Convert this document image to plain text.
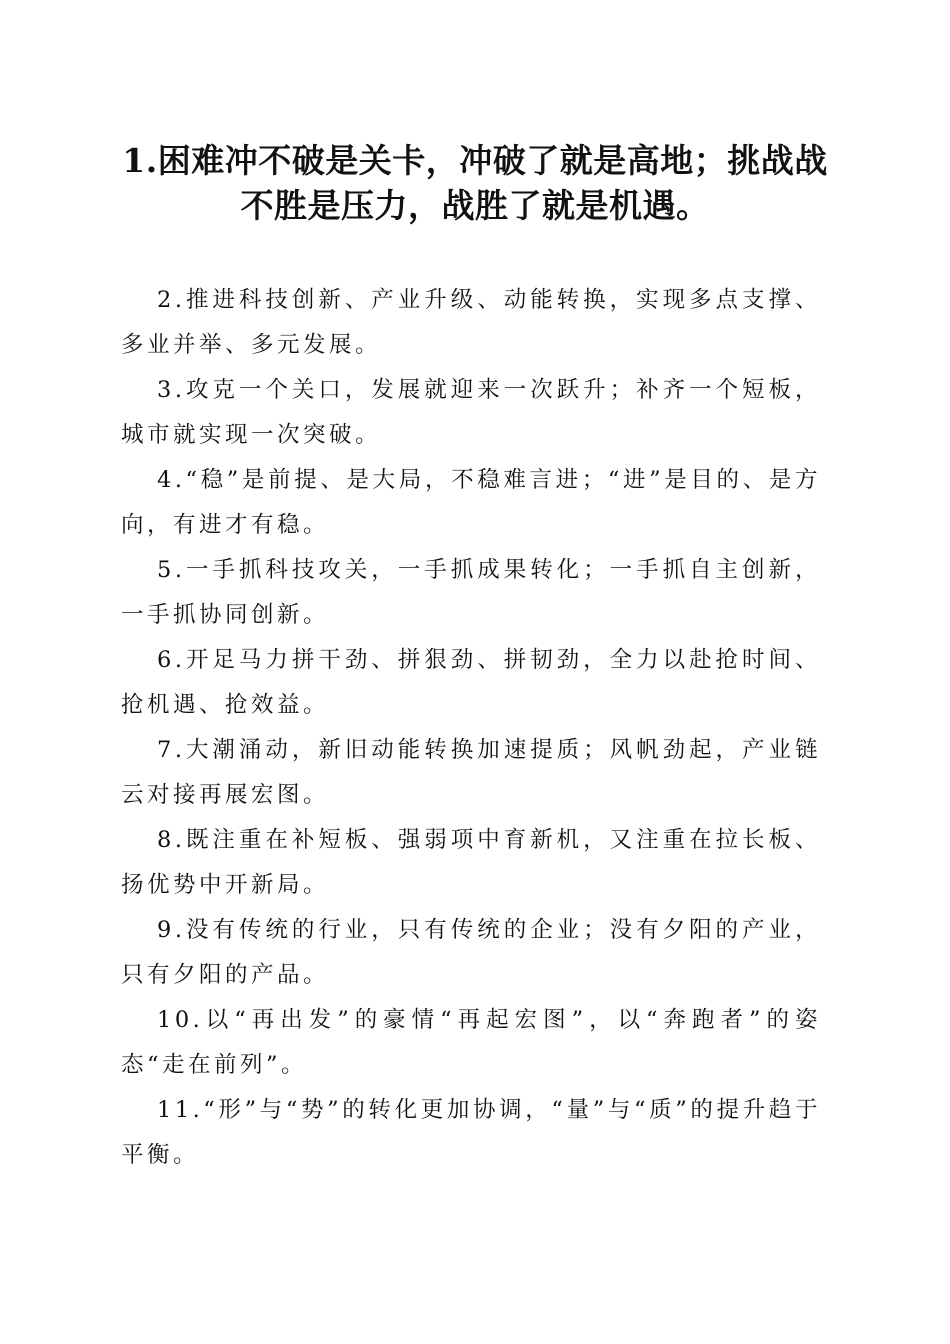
1.困难冲不破是关卡，冲破了就是高地；挑战战不胜是压力，战胜了就是机遇。

2.推进科技创新、产业升级、动能转换，实现多点支撑、多业并举、多元发展。

3.攻克一个关口，发展就迎来一次跃升；补齐一个短板，城市就实现一次突破。

4.“稳”是前提、是大局，不稳难言进；“进”是目的、是方向，有进才有稳。

5.一手抓科技攻关，一手抓成果转化；一手抓自主创新，一手抓协同创新。

6.开足马力拼干劲、拼狠劲、拼韧劲，全力以赴抢时间、抢机遇、抢效益。

7.大潮涌动，新旧动能转换加速提质；风帆劲起，产业链云对接再展宏图。

8.既注重在补短板、强弱项中育新机，又注重在拉长板、扬优势中开新局。

9.没有传统的行业，只有传统的企业；没有夕阳的产业，只有夕阳的产品。

10.以“再出发”的豪情“再起宏图”，以“奔跑者”的姿态“走在前列”。

11.“形”与“势”的转化更加协调，“量”与“质”的提升趋于平衡。
